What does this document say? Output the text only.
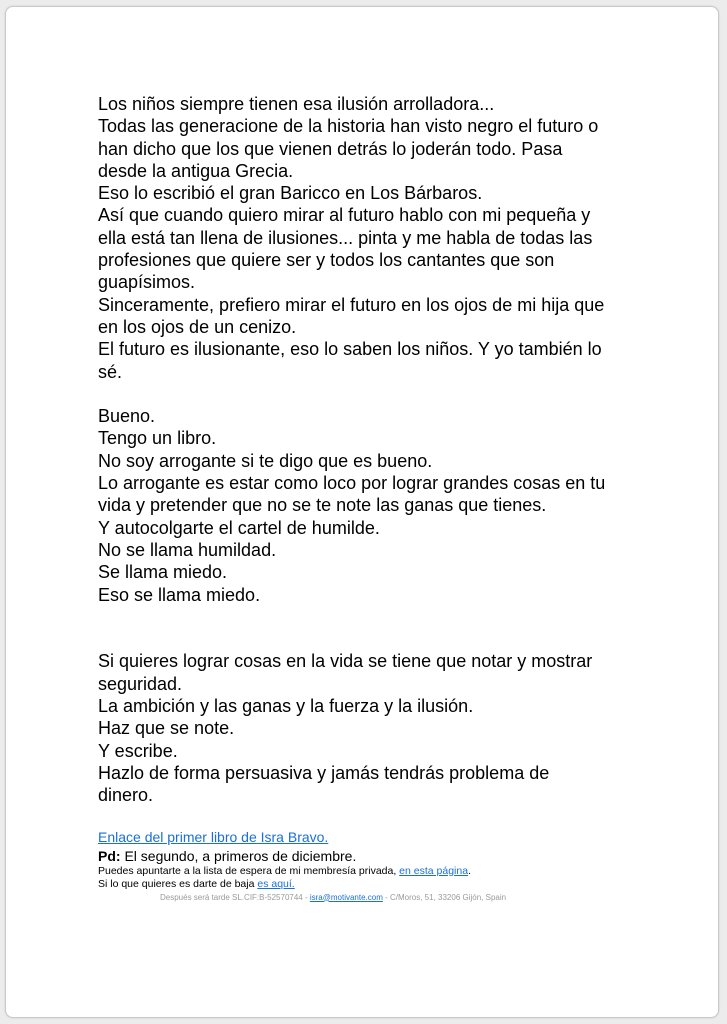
Los niños siempre tienen esa ilusión arrolladora...
Todas las generacione de la historia han visto negro el futuro o
han dicho que los que vienen detrás lo joderán todo. Pasa
desde la antigua Grecia.
Eso lo escribió el gran Baricco en Los Bárbaros.
Así que cuando quiero mirar al futuro hablo con mi pequeña y
ella está tan llena de ilusiones... pinta y me habla de todas las
profesiones que quiere ser y todos los cantantes que son
guapísimos.
Sinceramente, prefiero mirar el futuro en los ojos de mi hija que
en los ojos de un cenizo.
El futuro es ilusionante, eso lo saben los niños. Y yo también lo
sé.
Bueno.
Tengo un libro.
No soy arrogante si te digo que es bueno.
Lo arrogante es estar como loco por lograr grandes cosas en tu
vida y pretender que no se te note las ganas que tienes.
Y autocolgarte el cartel de humilde.
No se llama humildad.
Se llama miedo.
Eso se llama miedo.
Si quieres lograr cosas en la vida se tiene que notar y mostrar
seguridad.
La ambición y las ganas y la fuerza y la ilusión.
Haz que se note.
Y escribe.
Hazlo de forma persuasiva y jamás tendrás problema de
dinero.
Enlace del primer libro de Isra Bravo.
Pd: El segundo, a primeros de diciembre.
Puedes apuntarte a la lista de espera de mi membresía privada, en esta página.
Si lo que quieres es darte de baja es aquí.
Después será tarde SL.CIF:B-52570744 - isra@motivante.com - C/Moros, 51, 33206 Gijón, Spain
